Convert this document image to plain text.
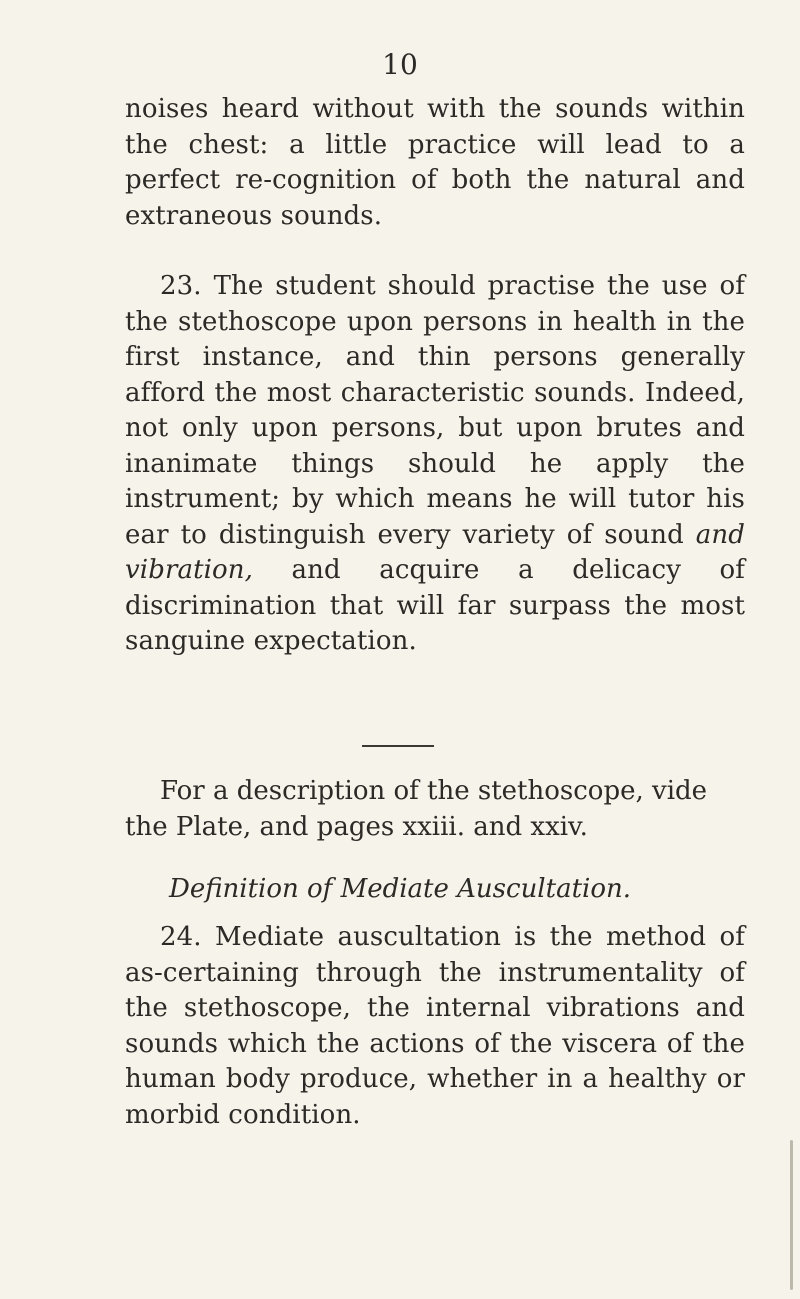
10
noises heard without with the sounds within the chest: a little practice will lead to a perfect re-cognition of both the natural and extraneous sounds.
23. The student should practise the use of the stethoscope upon persons in health in the first instance, and thin persons generally afford the most characteristic sounds. Indeed, not only upon persons, but upon brutes and inanimate things should he apply the instrument; by which means he will tutor his ear to distinguish every variety of sound and vibration, and acquire a delicacy of discrimination that will far surpass the most sanguine expectation.
For a description of the stethoscope, vide the Plate, and pages xxiii. and xxiv.
Definition of Mediate Auscultation.
24. Mediate auscultation is the method of as-certaining through the instrumentality of the stethoscope, the internal vibrations and sounds which the actions of the viscera of the human body produce, whether in a healthy or morbid condition.
